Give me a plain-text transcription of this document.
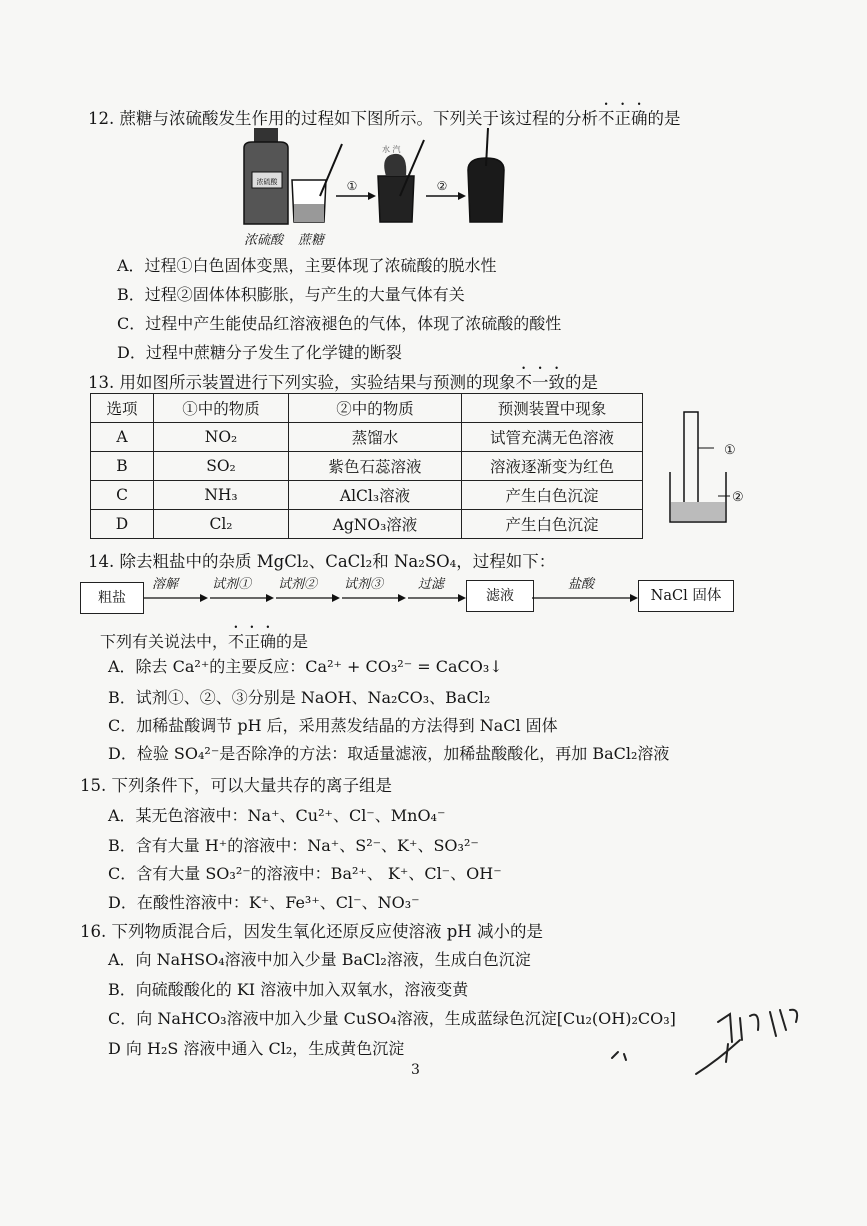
12. 蔗糖与浓硫酸发生作用的过程如下图所示。下列关于该过程的分析不正确的是
浓硫酸	①
水 汽
②
浓硫酸 蔗糖
A．过程①白色固体变黑，主要体现了浓硫酸的脱水性
B．过程②固体体积膨胀，与产生的大量气体有关
C．过程中产生能使品红溶液褪色的气体，体现了浓硫酸的酸性
D．过程中蔗糖分子发生了化学键的断裂
13. 用如图所示装置进行下列实验，实验结果与预测的现象不一致的是
选项	①中的物质	②中的物质	预测装置中现象
A	NO₂	蒸馏水	试管充满无色溶液
B	SO₂	紫色石蕊溶液	溶液逐渐变为红色
C	NH₃	AlCl₃溶液	产生白色沉淀
D	Cl₂	AgNO₃溶液	产生白色沉淀
①
②
14. 除去粗盐中的杂质 MgCl₂、CaCl₂和 Na₂SO₄，过程如下：
粗盐	滤液	NaCl 固体
溶解	试剂① 试剂② 试剂③	过滤	盐酸
下列有关说法中，不正确的是
A．除去 Ca²⁺的主要反应：Ca²⁺ + CO₃²⁻ = CaCO₃↓
B．试剂①、②、③分别是 NaOH、Na₂CO₃、BaCl₂
C．加稀盐酸调节 pH 后，采用蒸发结晶的方法得到 NaCl 固体
D．检验 SO₄²⁻是否除净的方法：取适量滤液，加稀盐酸酸化，再加 BaCl₂溶液
15. 下列条件下，可以大量共存的离子组是
A．某无色溶液中：Na⁺、Cu²⁺、Cl⁻、MnO₄⁻
B．含有大量 H⁺的溶液中：Na⁺、S²⁻、K⁺、SO₃²⁻
C．含有大量 SO₃²⁻的溶液中：Ba²⁺、 K⁺、Cl⁻、OH⁻
D．在酸性溶液中：K⁺、Fe³⁺、Cl⁻、NO₃⁻
16. 下列物质混合后，因发生氧化还原反应使溶液 pH 减小的是
A．向 NaHSO₄溶液中加入少量 BaCl₂溶液，生成白色沉淀
B．向硫酸酸化的 KI 溶液中加入双氧水，溶液变黄
C．向 NaHCO₃溶液中加入少量 CuSO₄溶液，生成蓝绿色沉淀[Cu₂(OH)₂CO₃]
D 向 H₂S 溶液中通入 Cl₂，生成黄色沉淀
3
